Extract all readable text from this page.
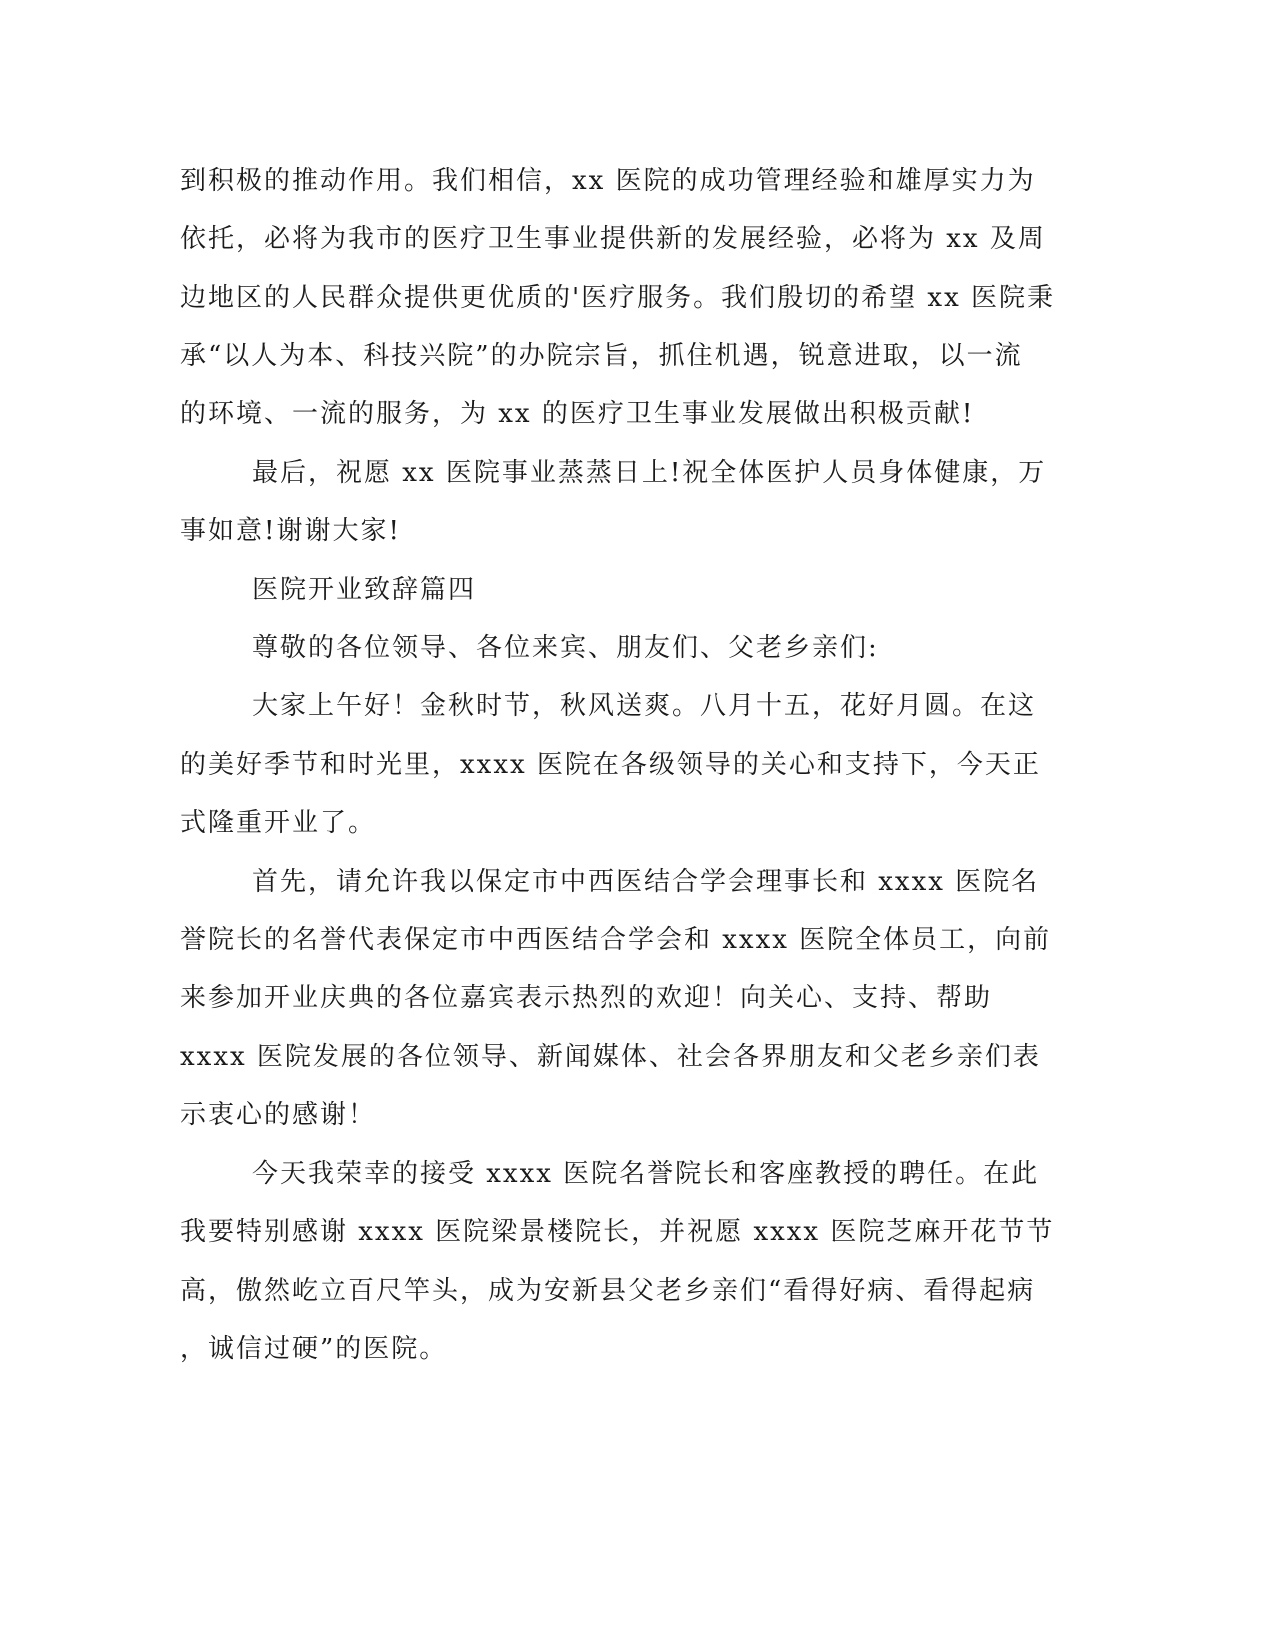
到积极的推动作用。我们相信，xx 医院的成功管理经验和雄厚实力为
依托，必将为我市的医疗卫生事业提供新的发展经验，必将为 xx 及周
边地区的人民群众提供更优质的'医疗服务。我们殷切的希望 xx 医院秉
承“以人为本、科技兴院”的办院宗旨，抓住机遇，锐意进取，以一流
的环境、一流的服务，为 xx 的医疗卫生事业发展做出积极贡献!
最后，祝愿 xx 医院事业蒸蒸日上!祝全体医护人员身体健康，万
事如意!谢谢大家!
医院开业致辞篇四
尊敬的各位领导、各位来宾、朋友们、父老乡亲们:
大家上午好！金秋时节，秋风送爽。八月十五，花好月圆。在这
的美好季节和时光里，xxxx 医院在各级领导的关心和支持下，今天正
式隆重开业了。
首先，请允许我以保定市中西医结合学会理事长和 xxxx 医院名
誉院长的名誉代表保定市中西医结合学会和 xxxx 医院全体员工，向前
来参加开业庆典的各位嘉宾表示热烈的欢迎！向关心、支持、帮助
xxxx 医院发展的各位领导、新闻媒体、社会各界朋友和父老乡亲们表
示衷心的感谢！
今天我荣幸的接受 xxxx 医院名誉院长和客座教授的聘任。在此
我要特别感谢 xxxx 医院梁景楼院长，并祝愿 xxxx 医院芝麻开花节节
高，傲然屹立百尺竿头，成为安新县父老乡亲们“看得好病、看得起病
，诚信过硬”的医院。
